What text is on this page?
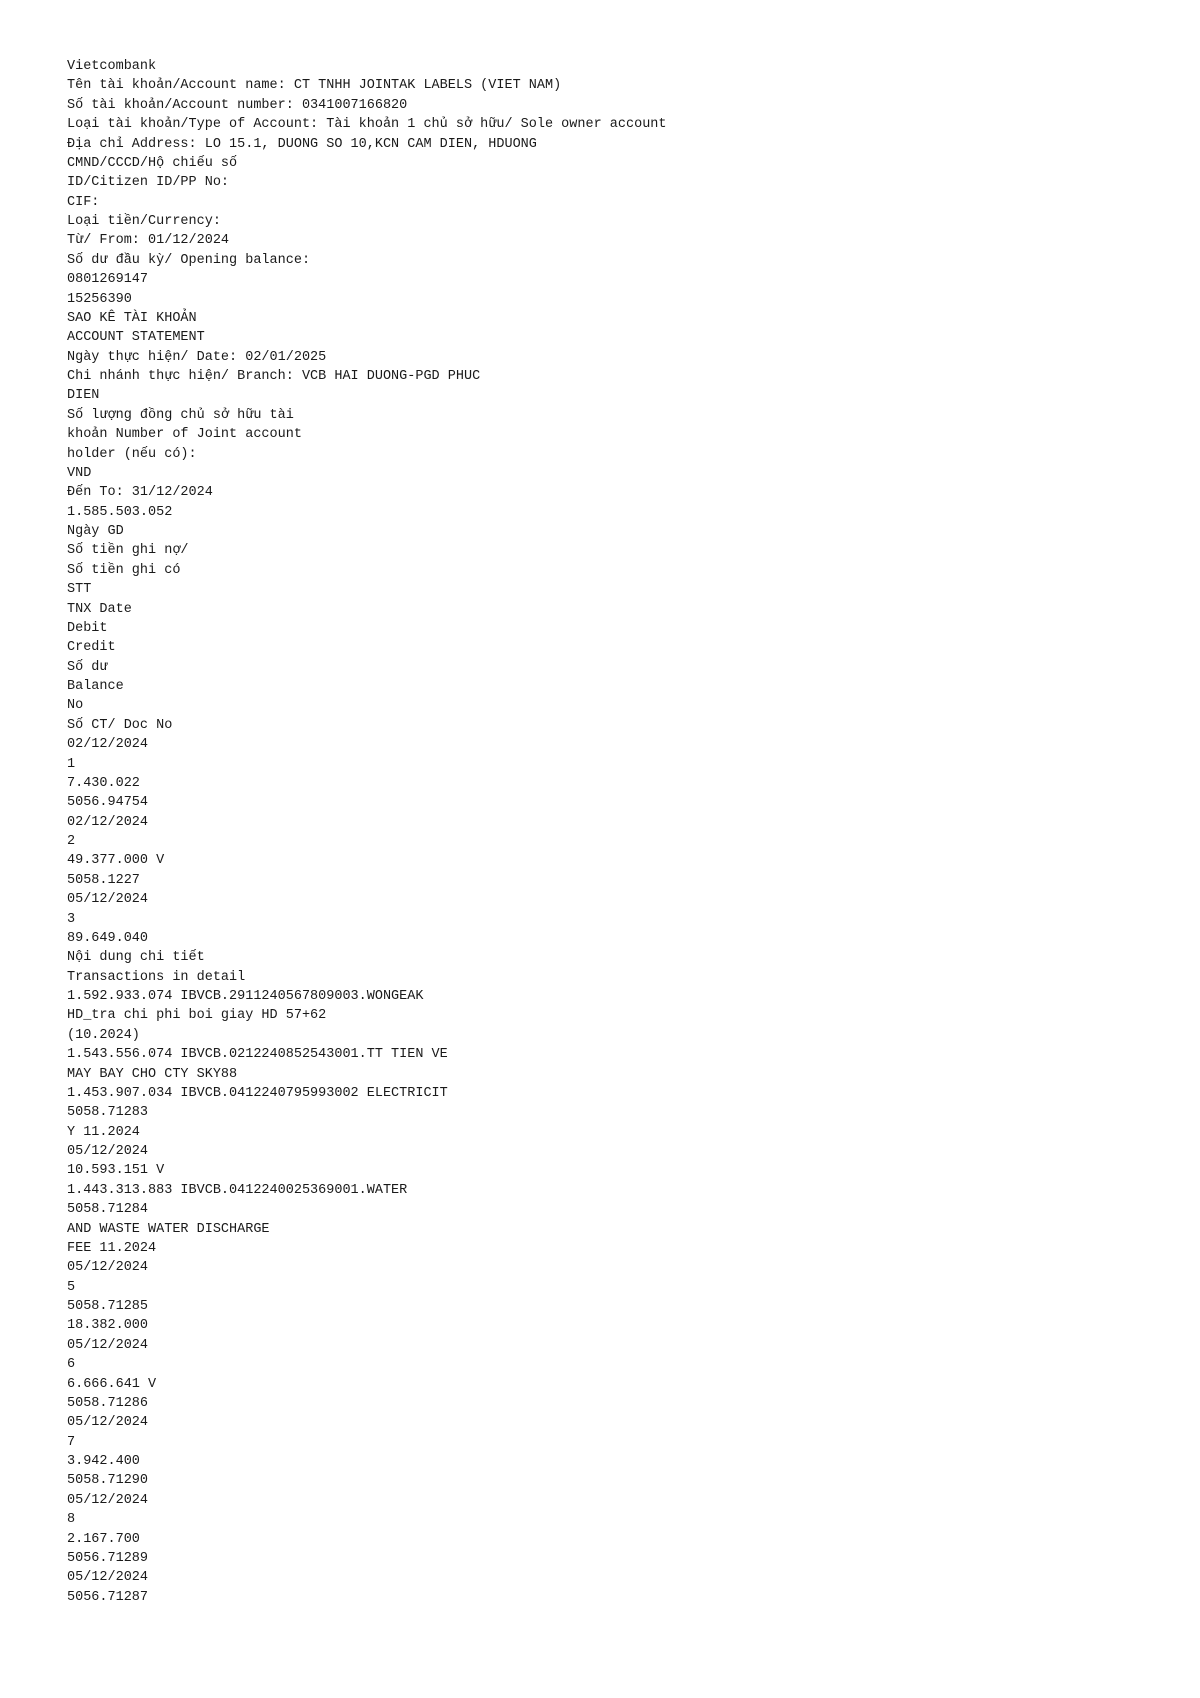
Vietcombank
Tên tài khoản/Account name: CT TNHH JOINTAK LABELS (VIET NAM)
Số tài khoản/Account number: 0341007166820
Loại tài khoản/Type of Account: Tài khoản 1 chủ sở hữu/ Sole owner account
Địa chỉ Address: LO 15.1, DUONG SO 10,KCN CAM DIEN, HDUONG
CMND/CCCD/Hộ chiếu số
ID/Citizen ID/PP No:
CIF:
Loại tiền/Currency:
Từ/ From: 01/12/2024
Số dư đầu kỳ/ Opening balance:
0801269147
15256390
SAO KÊ TÀI KHOẢN
ACCOUNT STATEMENT
Ngày thực hiện/ Date: 02/01/2025
Chi nhánh thực hiện/ Branch: VCB HAI DUONG-PGD PHUC
DIEN
Số lượng đồng chủ sở hữu tài
khoản Number of Joint account
holder (nếu có):
VND
Đến To: 31/12/2024
1.585.503.052
Ngày GD
Số tiền ghi nợ/
Số tiền ghi có
STT
TNX Date
Debit
Credit
Số dư
Balance
No
Số CT/ Doc No
02/12/2024
1
7.430.022
5056.94754
02/12/2024
2
49.377.000 V
5058.1227
05/12/2024
3
89.649.040
Nội dung chi tiết
Transactions in detail
1.592.933.074 IBVCB.2911240567809003.WONGEAK
HD_tra chi phi boi giay HD 57+62
(10.2024)
1.543.556.074 IBVCB.0212240852543001.TT TIEN VE
MAY BAY CHO CTY SKY88
1.453.907.034 IBVCB.0412240795993002 ELECTRICIT
5058.71283
Y 11.2024
05/12/2024
10.593.151 V
1.443.313.883 IBVCB.0412240025369001.WATER
5058.71284
AND WASTE WATER DISCHARGE
FEE 11.2024
05/12/2024
5
5058.71285
18.382.000
05/12/2024
6
6.666.641 V
5058.71286
05/12/2024
7
3.942.400
5058.71290
05/12/2024
8
2.167.700
5056.71289
05/12/2024
5056.71287
